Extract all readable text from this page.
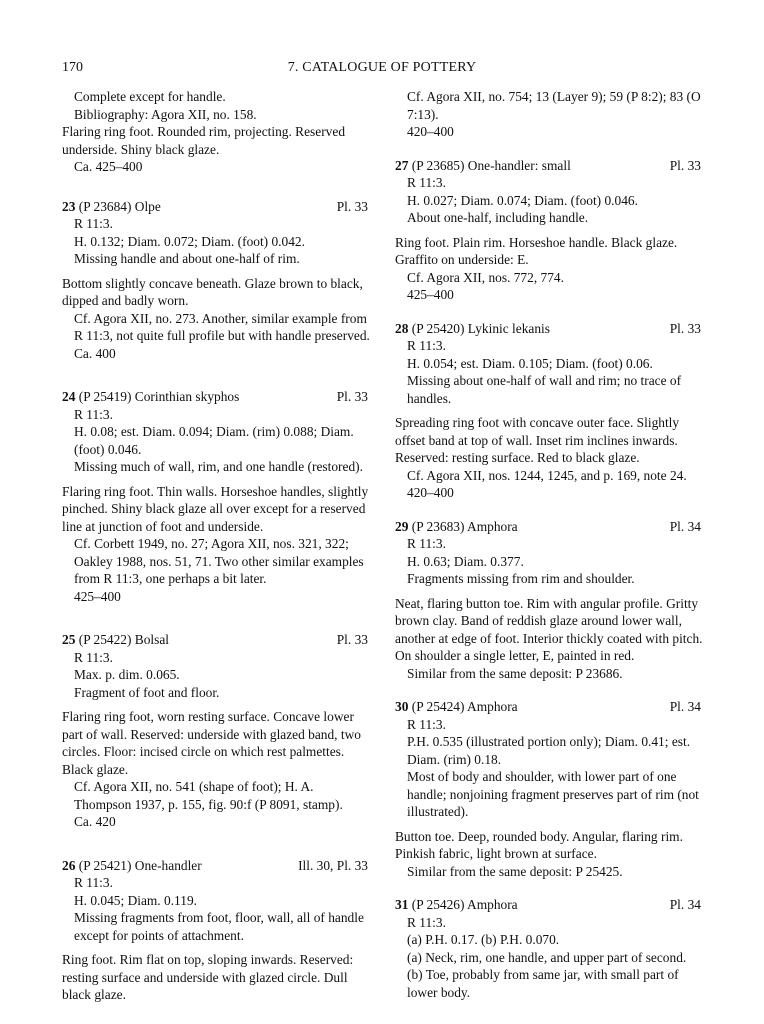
170	7. CATALOGUE OF POTTERY

Complete except for handle.

Bibliography: Agora XII, no. 158.

Flaring ring foot. Rounded rim, projecting. Reserved underside. Shiny black glaze.

Ca. 425–400

23 (P 23684) Olpe	Pl. 33

R 11:3.

H. 0.132; Diam. 0.072; Diam. (foot) 0.042.

Missing handle and about one-half of rim.

Bottom slightly concave beneath. Glaze brown to black, dipped and badly worn.

Cf. Agora XII, no. 273. Another, similar example from R 11:3, not quite full profile but with handle preserved.

Ca. 400

24 (P 25419) Corinthian skyphos	Pl. 33

R 11:3.

H. 0.08; est. Diam. 0.094; Diam. (rim) 0.088; Diam. (foot) 0.046.

Missing much of wall, rim, and one handle (restored).

Flaring ring foot. Thin walls. Horseshoe handles, slightly pinched. Shiny black glaze all over except for a reserved line at junction of foot and underside.

Cf. Corbett 1949, no. 27; Agora XII, nos. 321, 322; Oakley 1988, nos. 51, 71. Two other similar examples from R 11:3, one perhaps a bit later.

425–400

25 (P 25422) Bolsal	Pl. 33

R 11:3.

Max. p. dim. 0.065.

Fragment of foot and floor.

Flaring ring foot, worn resting surface. Concave lower part of wall. Reserved: underside with glazed band, two circles. Floor: incised circle on which rest palmettes. Black glaze.

Cf. Agora XII, no. 541 (shape of foot); H. A. Thompson 1937, p. 155, fig. 90:f (P 8091, stamp).

Ca. 420

26 (P 25421) One-handler	Ill. 30, Pl. 33

R 11:3.

H. 0.045; Diam. 0.119.

Missing fragments from foot, floor, wall, all of handle except for points of attachment.

Ring foot. Rim flat on top, sloping inwards. Reserved: resting surface and underside with glazed circle. Dull black glaze.

Cf. Agora XII, no. 754; 13 (Layer 9); 59 (P 8:2); 83 (O 7:13).

420–400

27 (P 23685) One-handler: small	Pl. 33

R 11:3.

H. 0.027; Diam. 0.074; Diam. (foot) 0.046.

About one-half, including handle.

Ring foot. Plain rim. Horseshoe handle. Black glaze. Graffito on underside: E.

Cf. Agora XII, nos. 772, 774.

425–400

28 (P 25420) Lykinic lekanis	Pl. 33

R 11:3.

H. 0.054; est. Diam. 0.105; Diam. (foot) 0.06.

Missing about one-half of wall and rim; no trace of handles.

Spreading ring foot with concave outer face. Slightly offset band at top of wall. Inset rim inclines inwards. Reserved: resting surface. Red to black glaze.

Cf. Agora XII, nos. 1244, 1245, and p. 169, note 24.

420–400

29 (P 23683) Amphora	Pl. 34

R 11:3.

H. 0.63; Diam. 0.377.

Fragments missing from rim and shoulder.

Neat, flaring button toe. Rim with angular profile. Gritty brown clay. Band of reddish glaze around lower wall, another at edge of foot. Interior thickly coated with pitch. On shoulder a single letter, E, painted in red.

Similar from the same deposit: P 23686.

30 (P 25424) Amphora	Pl. 34

R 11:3.

P.H. 0.535 (illustrated portion only); Diam. 0.41; est. Diam. (rim) 0.18.

Most of body and shoulder, with lower part of one handle; nonjoining fragment preserves part of rim (not illustrated).

Button toe. Deep, rounded body. Angular, flaring rim. Pinkish fabric, light brown at surface.

Similar from the same deposit: P 25425.

31 (P 25426) Amphora	Pl. 34

R 11:3.

(a) P.H. 0.17. (b) P.H. 0.070.

(a) Neck, rim, one handle, and upper part of second.

(b) Toe, probably from same jar, with small part of lower body.
